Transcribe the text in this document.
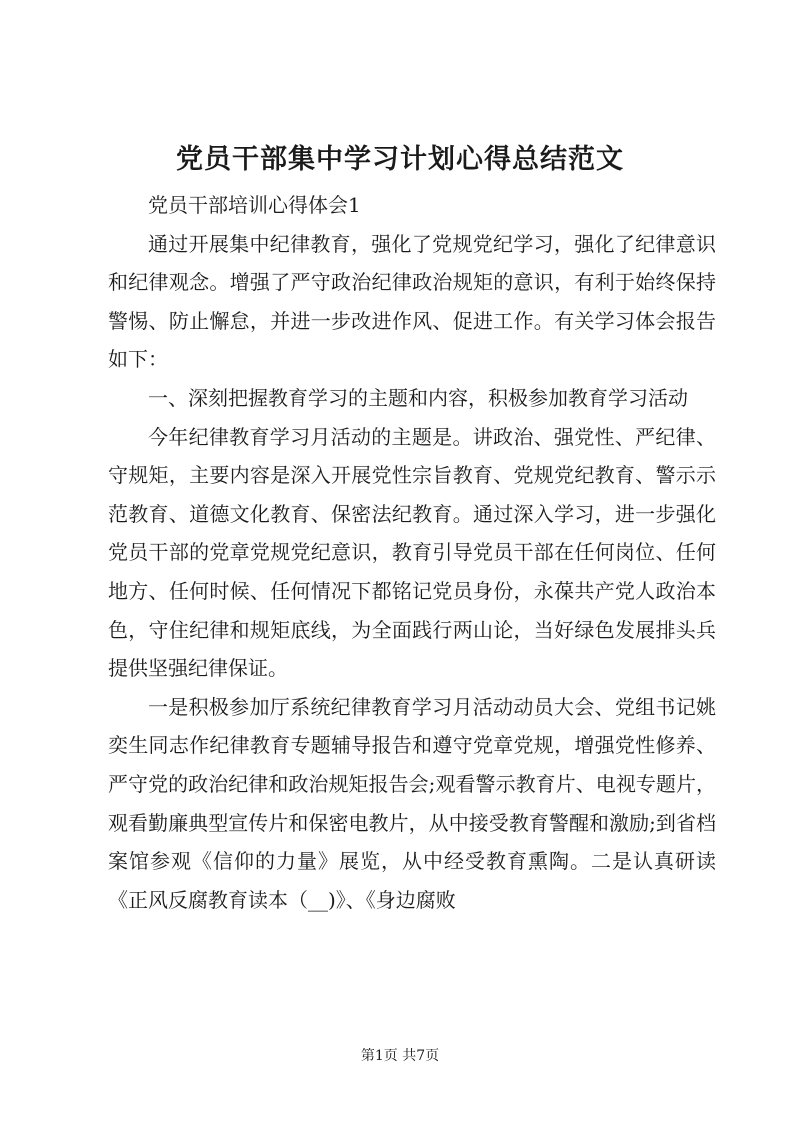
党员干部集中学习计划心得总结范文

党员干部培训心得体会1

通过开展集中纪律教育，强化了党规党纪学习，强化了纪律意识和纪律观念。增强了严守政治纪律政治规矩的意识，有利于始终保持警惕、防止懈怠，并进一步改进作风、促进工作。有关学习体会报告如下：

一、深刻把握教育学习的主题和内容，积极参加教育学习活动

今年纪律教育学习月活动的主题是。讲政治、强党性、严纪律、守规矩，主要内容是深入开展党性宗旨教育、党规党纪教育、警示示范教育、道德文化教育、保密法纪教育。通过深入学习，进一步强化党员干部的党章党规党纪意识，教育引导党员干部在任何岗位、任何地方、任何时候、任何情况下都铭记党员身份，永葆共产党人政治本色，守住纪律和规矩底线，为全面践行两山论，当好绿色发展排头兵提供坚强纪律保证。

一是积极参加厅系统纪律教育学习月活动动员大会、党组书记姚奕生同志作纪律教育专题辅导报告和遵守党章党规，增强党性修养、严守党的政治纪律和政治规矩报告会;观看警示教育片、电视专题片，观看勤廉典型宣传片和保密电教片，从中接受教育警醒和激励;到省档案馆参观《信仰的力量》展览，从中经受教育熏陶。二是认真研读《正风反腐教育读本（__)》、《身边腐败

第1页 共7页
